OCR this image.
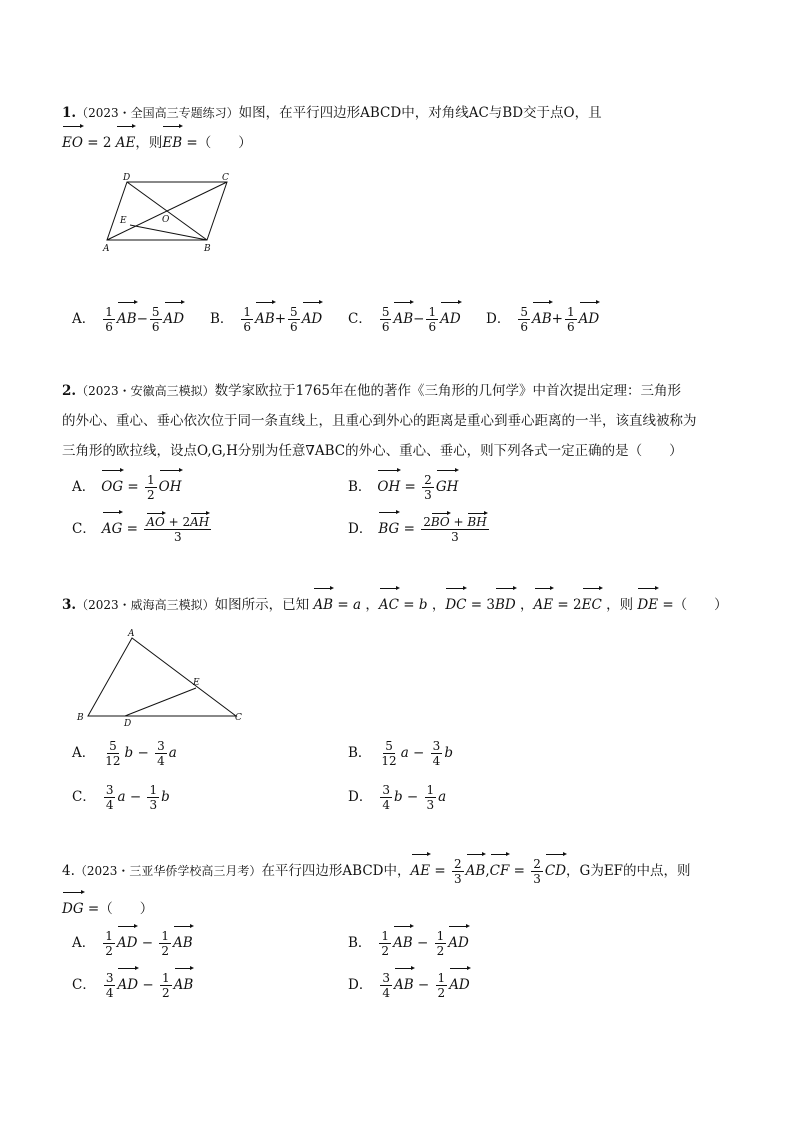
1.（2023・全国高三专题练习）如图，在平行四边形ABCD中，对角线AC与BD交于点O，且
EO = 2 AE，则EB =（　　）
D	C
E	O
A	B
A． $\frac{1}{6} AB- \frac{5}{6}$ AD B． $\frac{1}{6} AB+ \frac{5}{6}$ AD C． $\frac{5}{6} AB- \frac{1}{6}$ AD D． $\frac{5}{6} AB+ \frac{1}{6}$ AD
2.（2023・安徽高三模拟）数学家欧拉于1765年在他的著作《三角形的几何学》中首次提出定理：三角形
的外心、重心、垂心依次位于同一条直线上，且重心到外心的距离是重心到垂心距离的一半，该直线被称为
三角形的欧拉线，设点O,G,H分别为任意∇ABC的外心、重心、垂心，则下列各式一定正确的是（　　）
A． OG = $\frac{1}{2}$ OH	B． OH = $\frac{2}{3}$ GH
C． AG = $\frac{AO + 2AH}{3}$	D． BG = $\frac{2BO + BH}{3}$
3.（2023・威海高三模拟）如图所示，已知 AB = a ，AC = b ，DC = 3BD ，AE = 2EC ，则 DE =（　　）
A
E
B
D
C
A． $\frac{5}{12}$ $b - \frac{3}{4}$ a	B． $\frac{5}{12}$ $a - \frac{3}{4}$ b
C． $\frac{3}{4}$ $a - \frac{1}{3}$ b	D． $\frac{3}{4}$ $b - \frac{1}{3}$ a
4.（2023・三亚华侨学校高三月考）在平行四边形ABCD中，AE = $\frac{2}{3} AB,CF = \frac{2}{3}$ CD，G为EF的中点，则
DG =（　　）
A． $\frac{1}{2}$ AD − $\frac{1}{2}$ AB	B． $\frac{1}{2}$ AB − $\frac{1}{2}$ AD
C． $\frac{3}{4}$ AD − $\frac{1}{2}$ AB	D． $\frac{3}{4}$ AB − $\frac{1}{2}$ AD
